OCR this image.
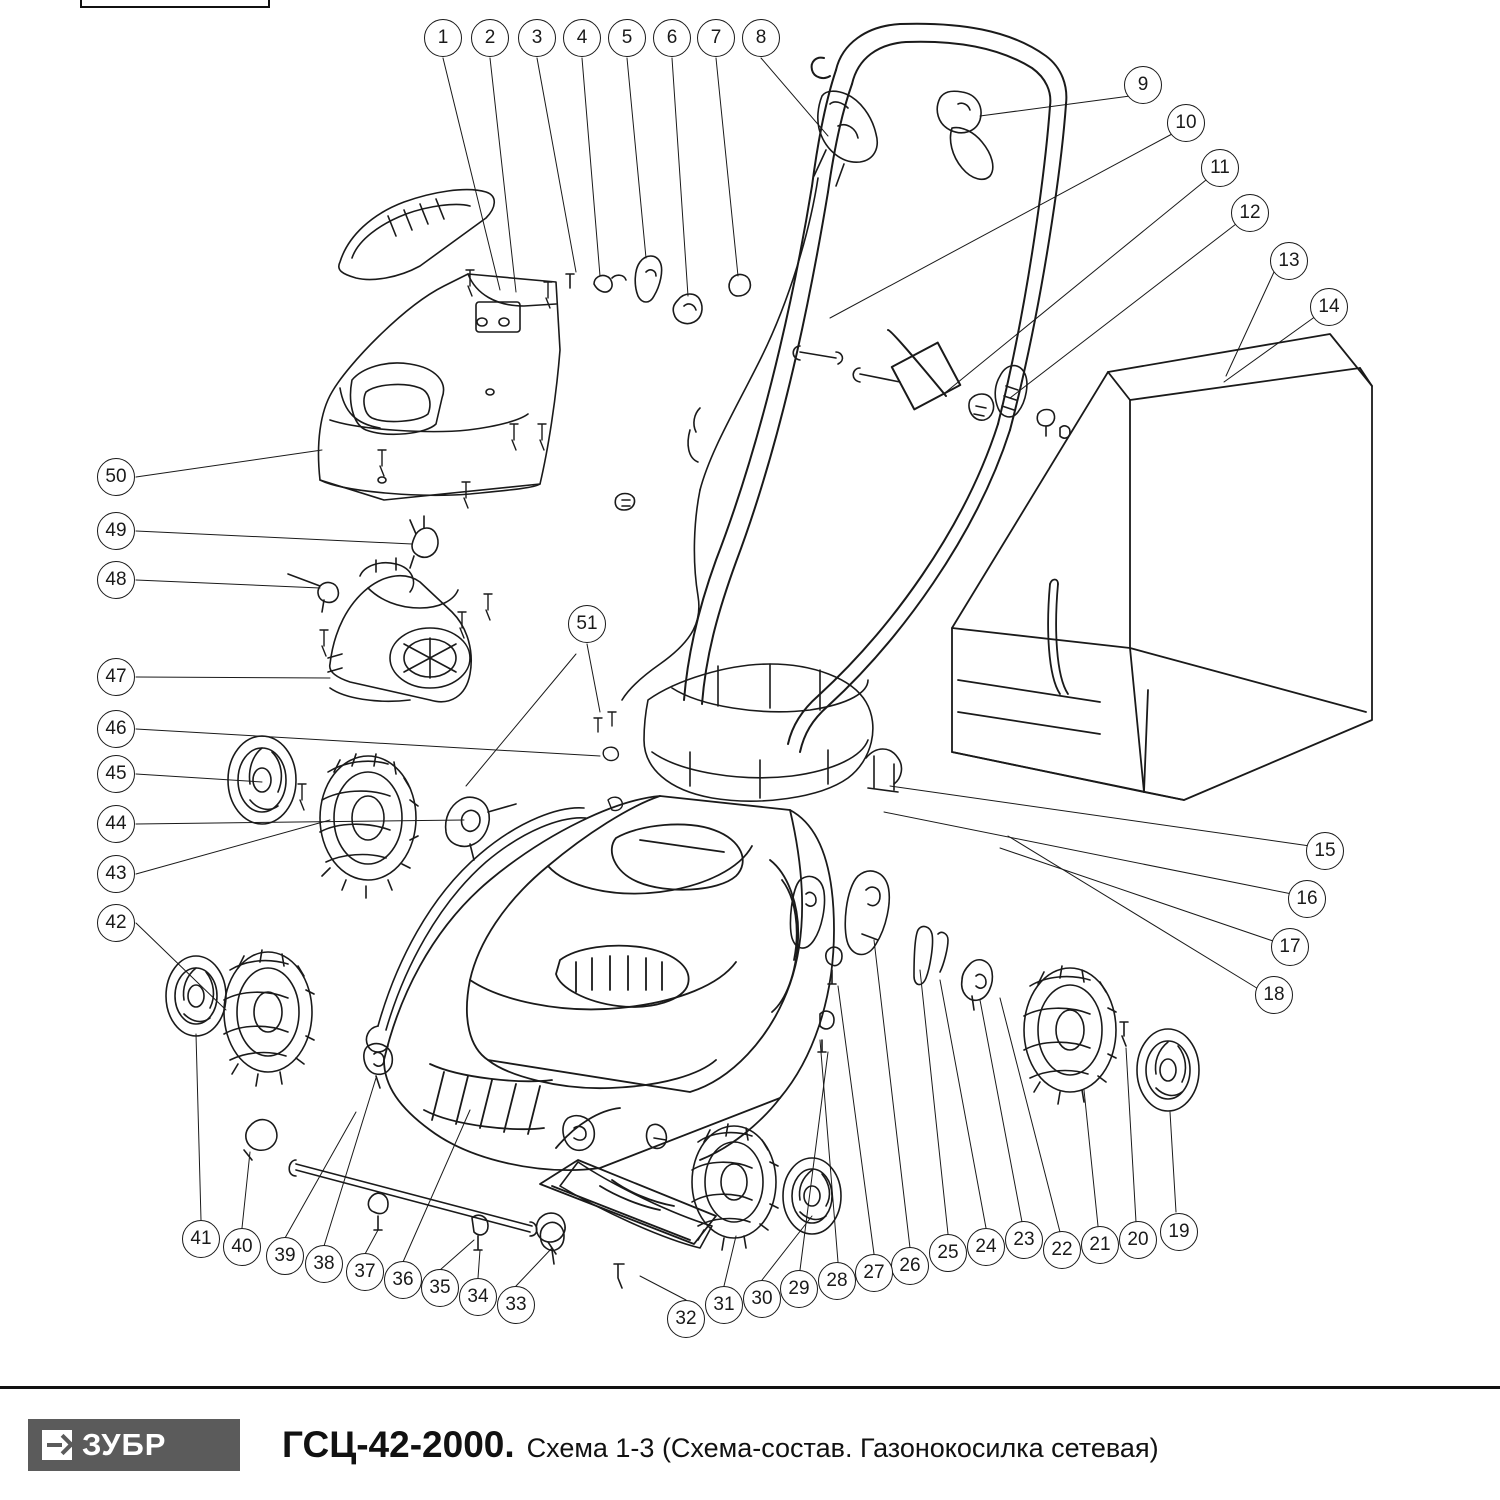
1	2	3	4	5	6	7	8
9
10
11
12
13
14
15
16
17
18
19
20
21
22
23
24
25
26
27
28
29
30
31
32
33
34
35
36
37
38
39
40
41
42
43
44
45
46
47
48
49
50
51
ЗУБР	ГСЦ-42-2000. Схема 1-3 (Схема-состав. Газонокосилка сетевая)
